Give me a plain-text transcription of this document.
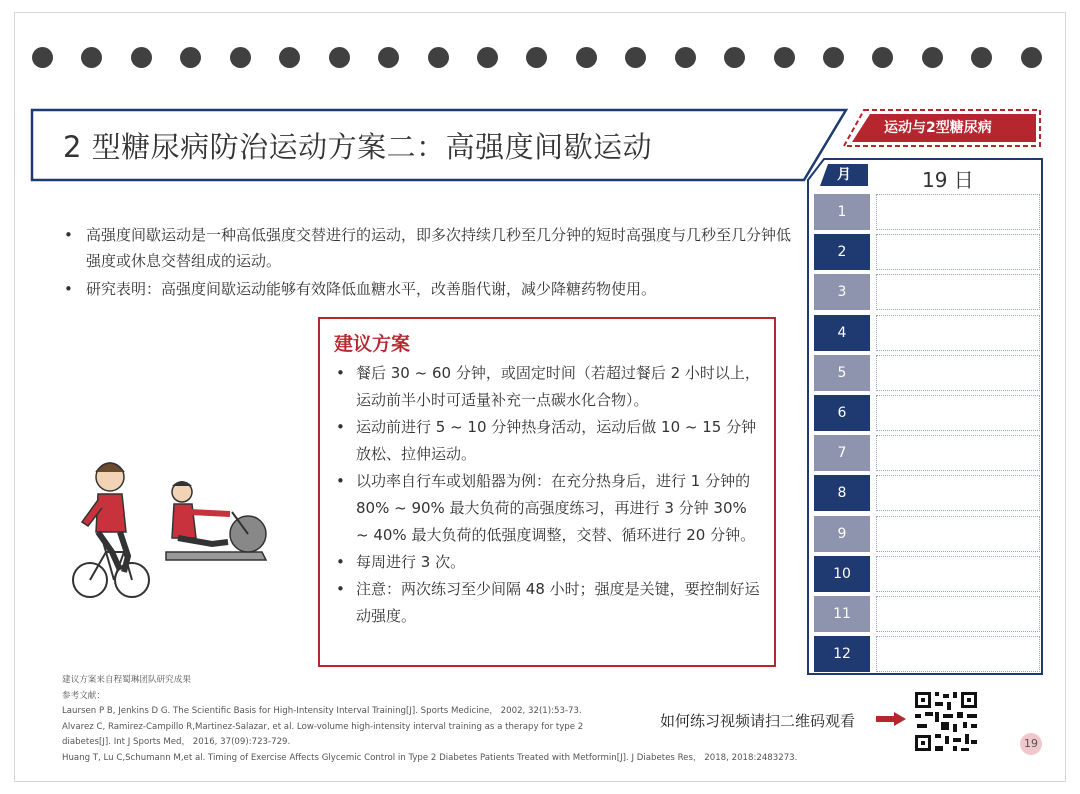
2 型糖尿病防治运动方案二：高强度间歇运动
运动与2型糖尿病
• 高强度间歇运动是一种高低强度交替进行的运动，即多次持续几秒至几分钟的短时高强度与几秒至几分钟低强度或休息交替组成的运动。
• 研究表明：高强度间歇运动能够有效降低血糖水平，改善脂代谢，减少降糖药物使用。
建议方案
• 餐后 30 ~ 60 分钟，或固定时间（若超过餐后 2 小时以上，运动前半小时可适量补充一点碳水化合物）。
• 运动前进行 5 ~ 10 分钟热身活动，运动后做 10 ~ 15 分钟放松、拉伸运动。
• 以功率自行车或划船器为例：在充分热身后，进行 1 分钟的 80% ~ 90% 最大负荷的高强度练习，再进行 3 分钟 30% ~ 40% 最大负荷的低强度调整，交替、循环进行 20 分钟。
• 每周进行 3 次。
• 注意：两次练习至少间隔 48 小时；强度是关键，要控制好运动强度。
月	19 日
1
2
3
4
5
6
7
8
9
10
11
12
建议方案来自程蜀琳团队研究成果
参考文献：
Laursen P B, Jenkins D G. The Scientific Basis for High-Intensity Interval Training[J]. Sports Medicine， 2002, 32(1):53-73.
Alvarez C, Ramirez-Campillo R,Martinez-Salazar, et al. Low-volume high-intensity interval training as a therapy for type 2 diabetes[J]. Int J Sports Med， 2016, 37(09):723-729.
Huang T, Lu C,Schumann M,et al. Timing of Exercise Affects Glycemic Control in Type 2 Diabetes Patients Treated with Metformin[J]. J Diabetes Res， 2018, 2018:2483273.
如何练习视频请扫二维码观看
19
